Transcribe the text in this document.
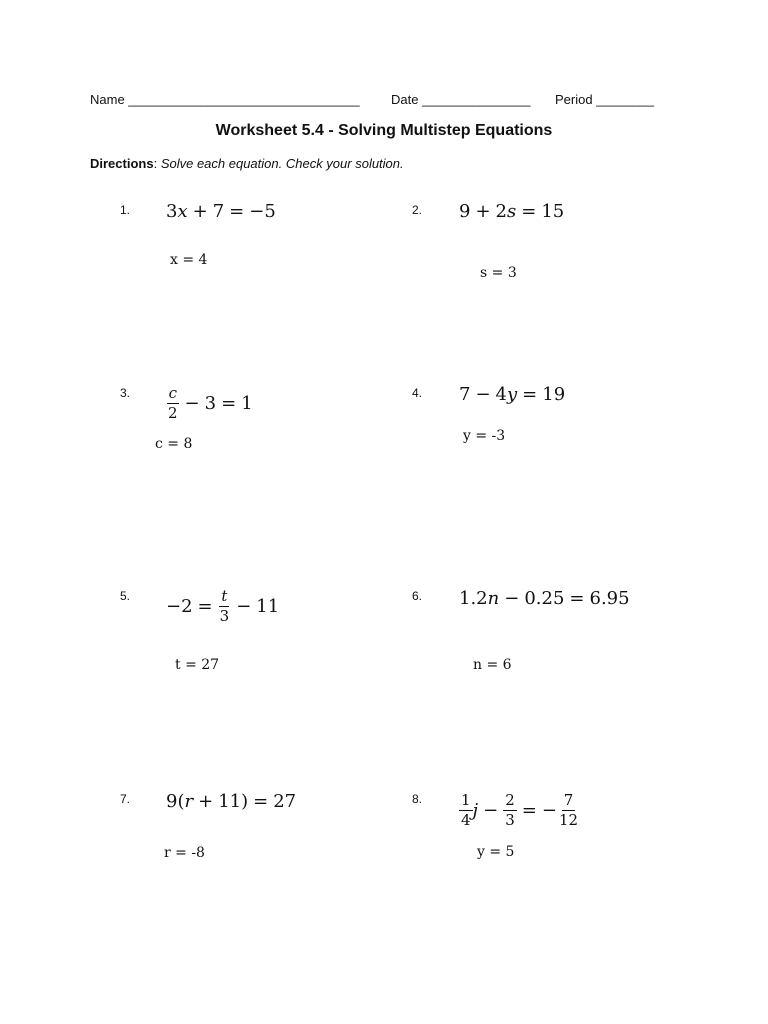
Name ________________________________ Date _______________ Period ________
Worksheet 5.4 - Solving Multistep Equations
Directions: Solve each equation. Check your solution.
1. 3 x + 7 = −5
x = 4
2. 9 + 2 s = 15
s = 3
3. $\frac{c}{2} - 3 = 1$
c = 8
4. 7 − 4 y = 19
y = -3
5. $-2 = \frac{t}{3} - 11$
t = 27
6. 1.2 n − 0.25 = 6.95
n = 6
7. 9( r + 11) = 27
r = -8
8. $\frac{1}{4}$ $j - \frac{2}{3}$ = − $\frac{7}{12}$
y = 5
